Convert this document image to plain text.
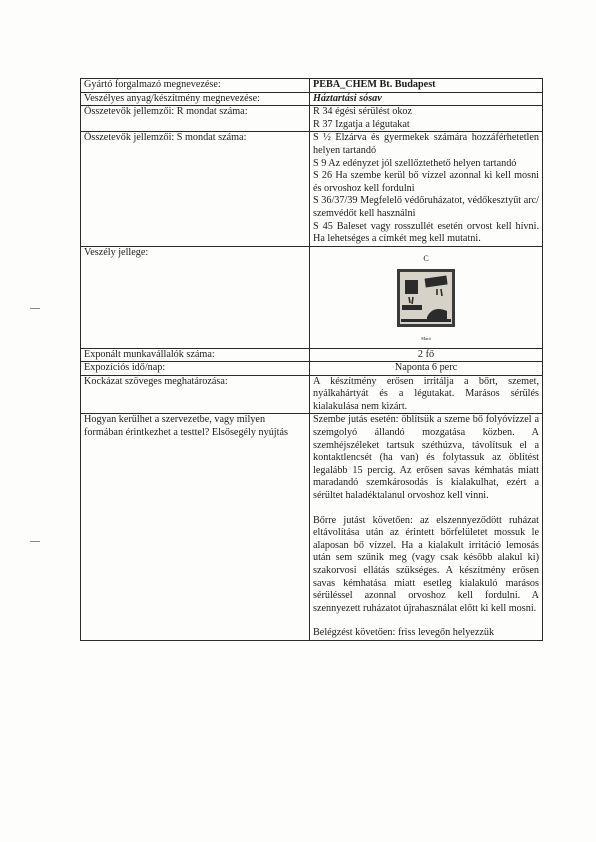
Gyártó forgalmazó megnevezése:	PEBA_CHEM Bt. Budapest
Veszélyes anyag/készítmény megnevezése:	Háztartási sósav
Összetevők jellemzői: R mondat száma:	R 34 égési sérülést okoz
R 37 Izgatja a légutakat

Összetevők jellemzői: S mondat száma:	S ½ Elzárva és gyermekek számára hozzáférhetetlen helyen tartandó
S 9 Az edényzet jól szellőztethető helyen tartandó
S 26 Ha szembe kerül bő vízzel azonnal ki kell mosni és orvoshoz kell fordulni
S 36/37/39 Megfelelő védőruházatot, védőkesztyűt arc/ szemvédőt kell használni
S 45 Baleset vagy rosszullét esetén orvost kell hívni. Ha lehetséges a címkét meg kell mutatni.

Veszély jellege:	C
Maró

Exponált munkavállalók száma:	2 fő
Expozíciós idő/nap:	Naponta 6 perc
Kockázat szöveges meghatározása:	A készítmény erősen irritálja a bőrt, szemet, nyálkahártyát és a légutakat. Marásos sérülés kialakulása nem kizárt.
Hogyan kerülhet a szervezetbe, vagy milyen formában érintkezhet a testtel? Elsősegély nyújtás	Szembe jutás esetén: öblítsük a szeme bő folyóvízzel a szemgolyó állandó mozgatása közben. A szemhéjszéleket tartsuk széthúzva, távolítsuk el a kontaktlencsét (ha van) és folytassuk az öblítést legalább 15 percig. Az erősen savas kémhatás miatt maradandó szemkárosodás is kialakulhat, ezért a sérültet haladéktalanul orvoshoz kell vinni.
Bőrre jutást követően: az elszennyeződött ruházat eltávolítása után az érintett bőrfelületet mossuk le alaposan bő vízzel. Ha a kialakult irritáció lemosás után sem szűnik meg (vagy csak később alakul ki) szakorvosi ellátás szükséges. A készítmény erősen savas kémhatása miatt esetleg kialakuló marásos sérüléssel azonnal orvoshoz kell fordulni. A szennyezett ruházatot újrahasználat előtt ki kell mosni.
Belégzést követően: friss levegőn helyezzük
